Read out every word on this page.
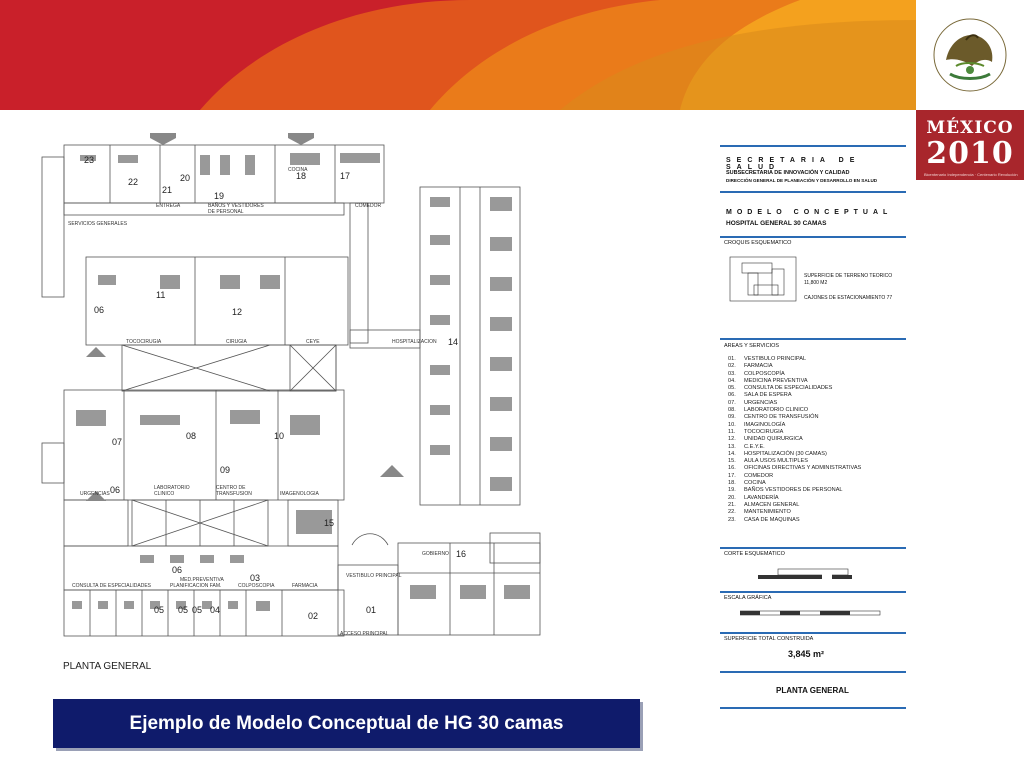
MÉXICO
2010
Bicentenario Independencia · Centenario Revolución
SERVICIOS GENERALES
ENTREGA	BAÑOS Y VESTIDORES
DE PERSONAL
COCINA
COMEDOR
TOCOCIRUGIA	CIRUGIA	CEYE	HOSPITALIZACION
URGENCIAS
LABORATORIO
CLINICO
CENTRO DE
TRANSFUSION	IMAGENOLOGIA
GOBIERNO
VESTIBULO PRINCIPAL
ACCESO PRINCIPAL
CONSULTA DE ESPECIALIDADES
MED.PREVENTIVA
PLANIFICACION FAM.	COLPOSCOPIA	FARMACIA
23
22
21
20
19
18	17
11
06	12
14
07
08
09
10
06
15
06
05 05 05 04
03
02
01
16
PLANTA GENERAL
SECRETARIA DE SALUD
SUBSECRETARIA DE INNOVACIÓN Y CALIDAD
DIRECCIÓN GENERAL DE PLANEACIÓN Y DESARROLLO EN SALUD
MODELO CONCEPTUAL
HOSPITAL GENERAL 30 CAMAS
CROQUIS ESQUEMATICO
SUPERFICIE DE TERRENO TEORICO
11,800 M2
CAJONES DE ESTACIONAMIENTO 77
AREAS Y SERVICIOS
01. VESTIBULO PRINCIPAL
02. FARMACIA
03. COLPOSCOPÍA
04. MEDICINA PREVENTIVA
05. CONSULTA DE ESPECIALIDADES
06. SALA DE ESPERA
07. URGENCIAS
08. LABORATORIO CLINICO
09. CENTRO DE TRANSFUSIÓN
10. IMAGINOLOGÍA
11. TOCOCIRUGIA
12. UNIDAD QUIRURGICA
13. C.E.Y.E.
14. HOSPITALIZACIÓN (30 CAMAS)
15. AULA USOS MULTIPLES
16. OFICINAS DIRECTIVAS Y ADMINISTRATIVAS
17. COMEDOR
18. COCINA
19. BAÑOS VESTIDORES DE PERSONAL
20. LAVANDERÍA
21. ALMACEN GENERAL
22. MANTENIMIENTO
23. CASA DE MAQUINAS
CORTE ESQUEMATICO
ESCALA GRÁFICA
SUPERFICIE TOTAL CONSTRUIDA
3,845 m²
PLANTA GENERAL
Ejemplo de Modelo Conceptual de HG 30 camas
